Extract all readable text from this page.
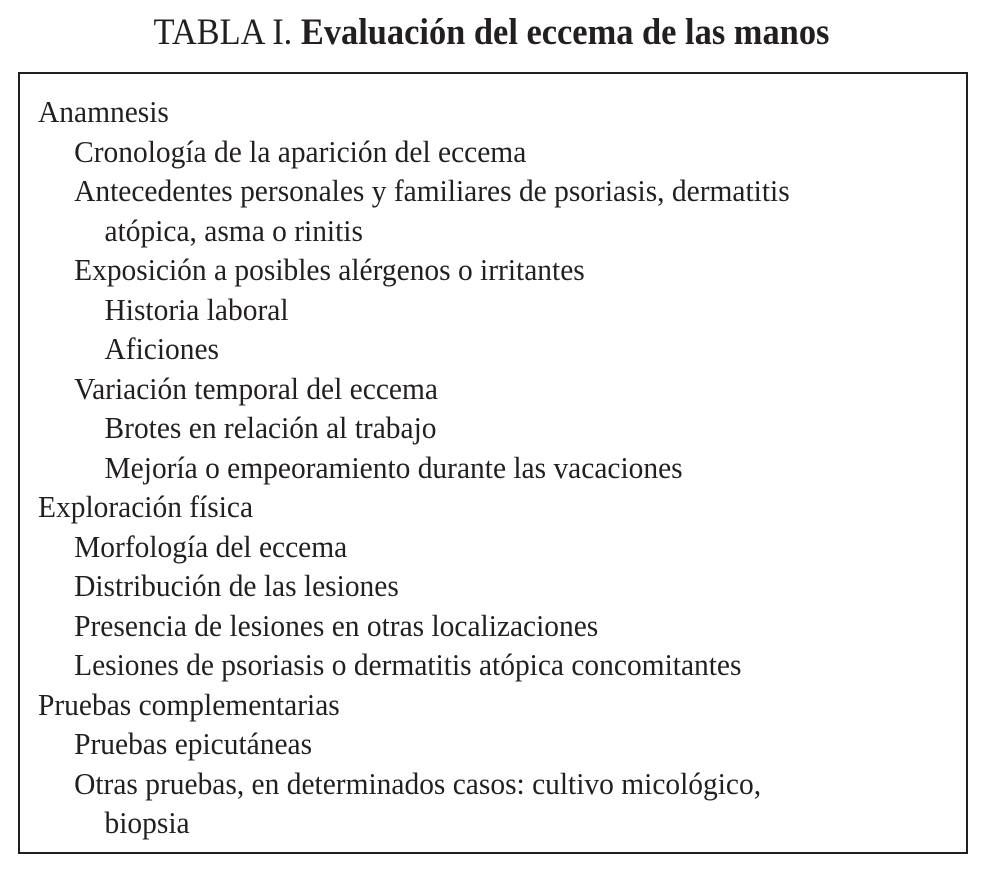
TABLA I. Evaluación del eccema de las manos
Anamnesis
Cronología de la aparición del eccema
Antecedentes personales y familiares de psoriasis, dermatitis
atópica, asma o rinitis
Exposición a posibles alérgenos o irritantes
Historia laboral
Aficiones
Variación temporal del eccema
Brotes en relación al trabajo
Mejoría o empeoramiento durante las vacaciones
Exploración física
Morfología del eccema
Distribución de las lesiones
Presencia de lesiones en otras localizaciones
Lesiones de psoriasis o dermatitis atópica concomitantes
Pruebas complementarias
Pruebas epicutáneas
Otras pruebas, en determinados casos: cultivo micológico,
biopsia
